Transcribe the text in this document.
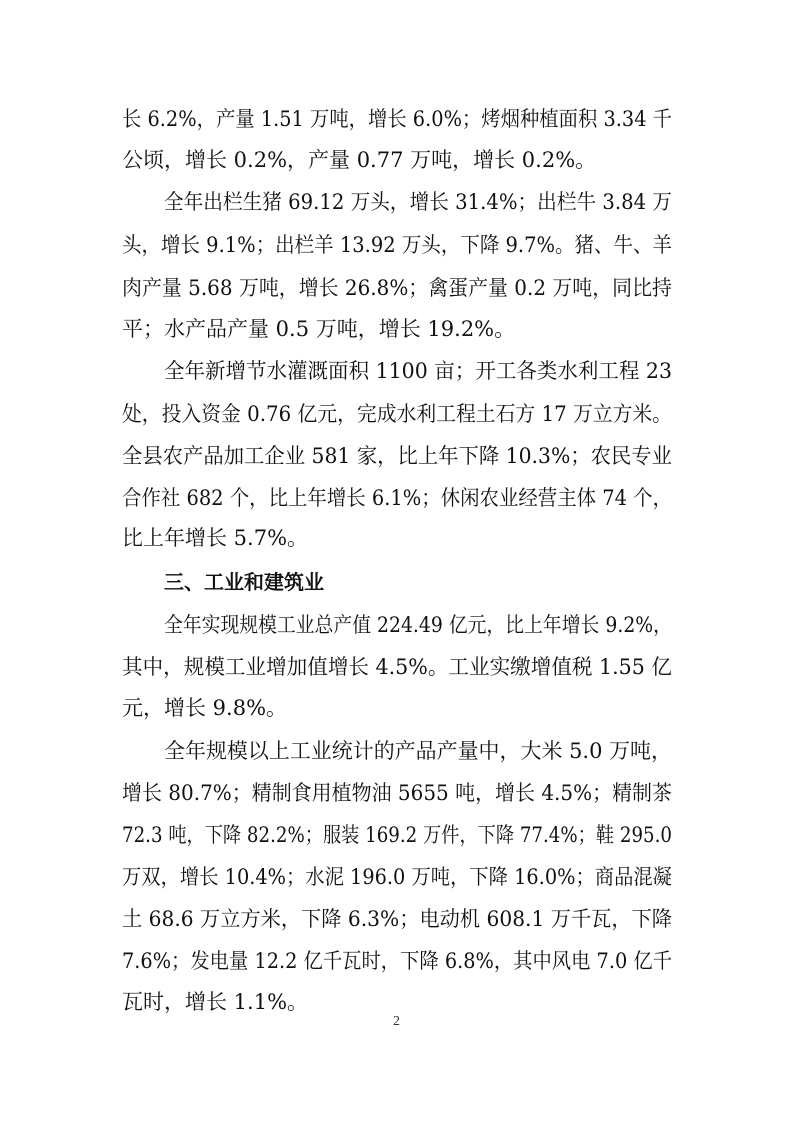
长 6.2%，产量 1.51 万吨，增长 6.0%；烤烟种植面积 3.34 千
公顷，增长 0.2%，产量 0.77 万吨，增长 0.2%。
全年出栏生猪 69.12 万头，增长 31.4%；出栏牛 3.84 万
头，增长 9.1%；出栏羊 13.92 万头，下降 9.7%。猪、牛、羊
肉产量 5.68 万吨，增长 26.8%；禽蛋产量 0.2 万吨，同比持
平；水产品产量 0.5 万吨，增长 19.2%。
全年新增节水灌溉面积 1100 亩；开工各类水利工程 23
处，投入资金 0.76 亿元，完成水利工程土石方 17 万立方米。
全县农产品加工企业 581 家，比上年下降 10.3%；农民专业
合作社 682 个，比上年增长 6.1%；休闲农业经营主体 74 个，
比上年增长 5.7%。
三、工业和建筑业
全年实现规模工业总产值 224.49 亿元，比上年增长 9.2%，
其中，规模工业增加值增长 4.5%。工业实缴增值税 1.55 亿
元，增长 9.8%。
全年规模以上工业统计的产品产量中，大米 5.0 万吨，
增长 80.7%；精制食用植物油 5655 吨，增长 4.5%；精制茶
72.3 吨，下降 82.2%；服装 169.2 万件，下降 77.4%；鞋 295.0
万双，增长 10.4%；水泥 196.0 万吨，下降 16.0%；商品混凝
土 68.6 万立方米，下降 6.3%；电动机 608.1 万千瓦，下降
7.6%；发电量 12.2 亿千瓦时，下降 6.8%，其中风电 7.0 亿千
瓦时，增长 1.1%。
2
